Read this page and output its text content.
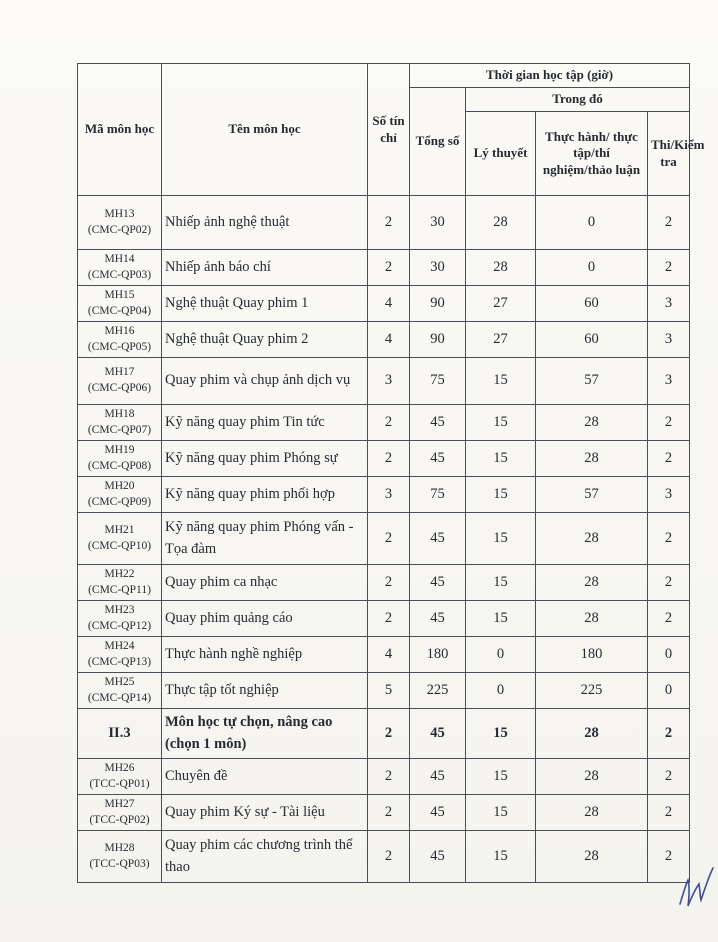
Mã môn học	Tên môn học	Số tín chỉ	Thời gian học tập (giờ)			
			Tổng số	Trong đó		
				Lý thuyết	Thực hành/ thực tập/thí nghiệm/thảo luận	Thi/Kiểm tra

MH13
(CMC-QP02)	Nhiếp ảnh nghệ thuật	2	30	28	0	2

MH14
(CMC-QP03)	Nhiếp ảnh báo chí	2	30	28	0	2

MH15
(CMC-QP04)	Nghệ thuật Quay phim 1	4	90	27	60	3

MH16
(CMC-QP05)	Nghệ thuật Quay phim 2	4	90	27	60	3

MH17
(CMC-QP06)	Quay phim và chụp ảnh dịch vụ	3	75	15	57	3

MH18
(CMC-QP07)	Kỹ năng quay phim Tin tức	2	45	15	28	2

MH19
(CMC-QP08)	Kỹ năng quay phim Phóng sự	2	45	15	28	2

MH20
(CMC-QP09)	Kỹ năng quay phim phối hợp	3	75	15	57	3

MH21
(CMC-QP10)	Kỹ năng quay phim Phóng vấn - Tọa đàm	2	45	15	28	2

MH22
(CMC-QP11)	Quay phim ca nhạc	2	45	15	28	2

MH23
(CMC-QP12)	Quay phim quảng cáo	2	45	15	28	2

MH24
(CMC-QP13)	Thực hành nghề nghiệp	4	180	0	180	0

MH25
(CMC-QP14)	Thực tập tốt nghiệp	5	225	0	225	0

II.3	Môn học tự chọn, nâng cao (chọn 1 môn)	2	45	15	28	2

MH26
(TCC-QP01)	Chuyên đề	2	45	15	28	2

MH27
(TCC-QP02)	Quay phim Ký sự - Tài liệu	2	45	15	28	2

MH28
(TCC-QP03)	Quay phim các chương trình thể thao	2	45	15	28	2
